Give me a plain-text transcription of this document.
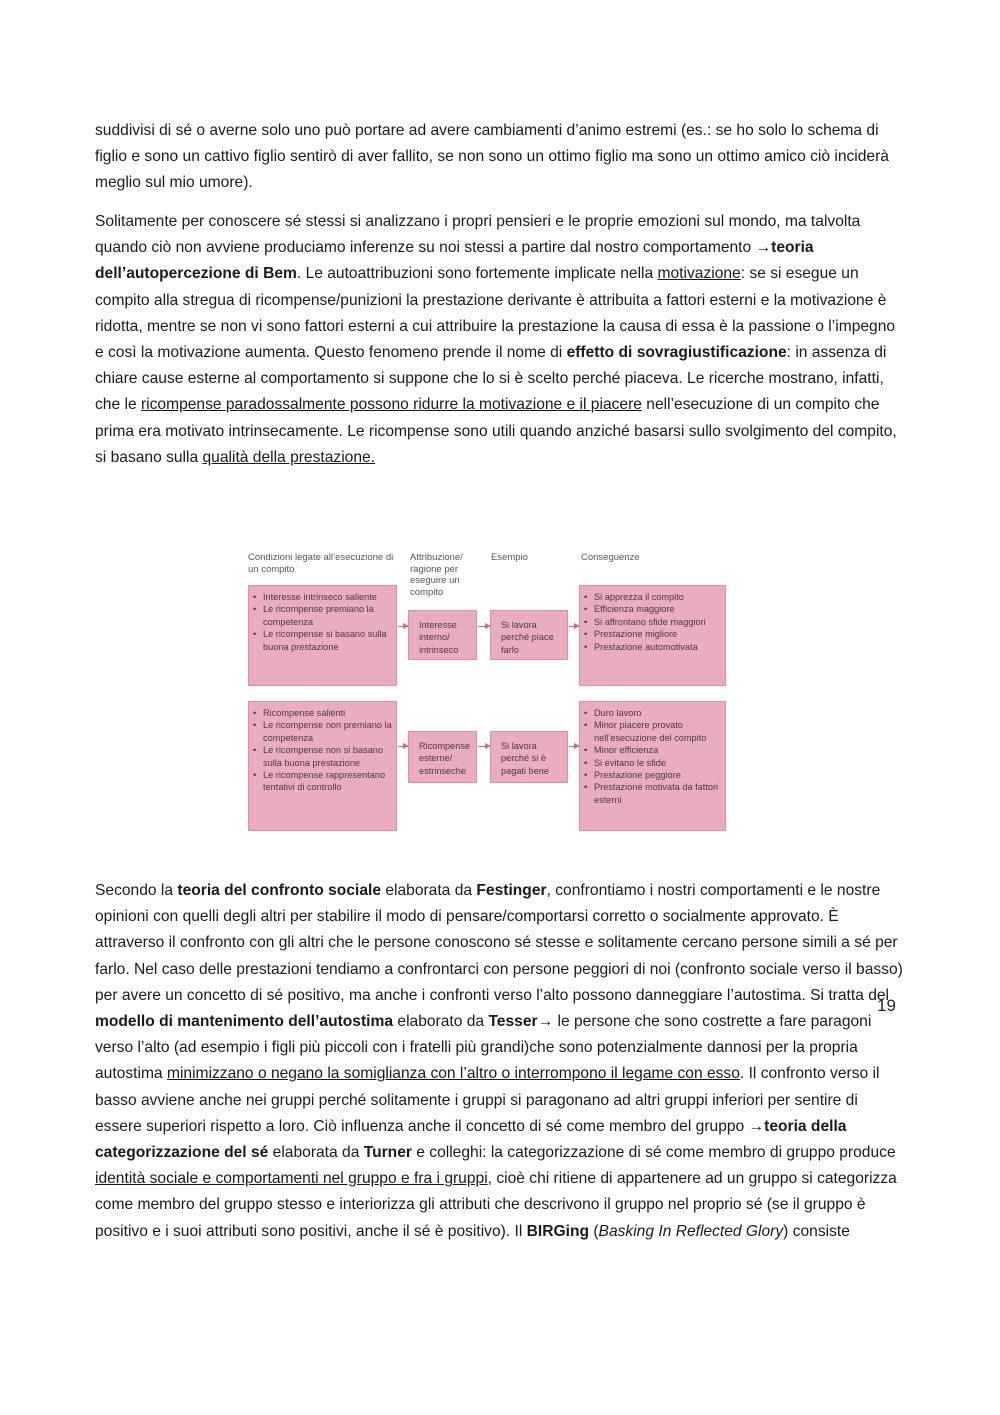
suddivisi di sé o averne solo uno può portare ad avere cambiamenti d’animo estremi (es.: se ho solo lo schema di figlio e sono un cattivo figlio sentirò di aver fallito, se non sono un ottimo figlio ma sono un ottimo amico ciò inciderà meglio sul mio umore).

Solitamente per conoscere sé stessi si analizzano i propri pensieri e le proprie emozioni sul mondo, ma talvolta quando ciò non avviene produciamo inferenze su noi stessi a partire dal nostro comportamento →teoria dell’autopercezione di Bem. Le autoattribuzioni sono fortemente implicate nella motivazione: se si esegue un compito alla stregua di ricompense/punizioni la prestazione derivante è attribuita a fattori esterni e la motivazione è ridotta, mentre se non vi sono fattori esterni a cui attribuire la prestazione la causa di essa è la passione o l’impegno e così la motivazione aumenta. Questo fenomeno prende il nome di effetto di sovragiustificazione: in assenza di chiare cause esterne al comportamento si suppone che lo si è scelto perché piaceva. Le ricerche mostrano, infatti, che le ricompense paradossalmente possono ridurre la motivazione e il piacere nell’esecuzione di un compito che prima era motivato intrinsecamente. Le ricompense sono utili quando anziché basarsi sullo svolgimento del compito, si basano sulla qualità della prestazione.

Condizioni legate all’esecuzione di un compito
Attribuzione/ ragione per eseguire un compito
Esempio	Conseguenze
• Interesse intrinseco saliente
• Le ricompense premiano la competenza
• Le ricompense si basano sulla buona prestazione
Interesse interno/ intrinseco
Si lavora perché piace farlo
• Si apprezza il compito
• Efficienza maggiore
• Si affrontano sfide maggiori
• Prestazione migliore
• Prestazione automotivata
• Ricompense salienti
• Le ricompense non premiano la competenza
• Le ricompense non si basano sulla buona prestazione
• Le ricompense rappresentano tentativi di controllo
Ricompense esterne/ estrinseche
Si lavora perché si è pagati bene
• Duro lavoro
• Minor piacere provato nell’esecuzione del compito
• Minor efficienza
• Si evitano le sfide
• Prestazione peggiore
• Prestazione motivata da fattori esterni

Secondo la teoria del confronto sociale elaborata da Festinger, confrontiamo i nostri comportamenti e le nostre opinioni con quelli degli altri per stabilire il modo di pensare/comportarsi corretto o socialmente approvato. È attraverso il confronto con gli altri che le persone conoscono sé stesse e solitamente cercano persone simili a sé per farlo. Nel caso delle prestazioni tendiamo a confrontarci con persone peggiori di noi (confronto sociale verso il basso) per avere un concetto di sé positivo, ma anche i confronti verso l’alto possono danneggiare l’autostima. Si tratta del modello di mantenimento dell’autostima elaborato da Tesser→ le persone che sono costrette a fare paragoni verso l’alto (ad esempio i figli più piccoli con i fratelli più grandi)che sono potenzialmente dannosi per la propria autostima minimizzano o negano la somiglianza con l’altro o interrompono il legame con esso. Il confronto verso il basso avviene anche nei gruppi perché solitamente i gruppi si paragonano ad altri gruppi inferiori per sentire di essere superiori rispetto a loro. Ciò influenza anche il concetto di sé come membro del gruppo →teoria della categorizzazione del sé elaborata da Turner e colleghi: la categorizzazione di sé come membro di gruppo produce identità sociale e comportamenti nel gruppo e fra i gruppi, cioè chi ritiene di appartenere ad un gruppo si categorizza come membro del gruppo stesso e interiorizza gli attributi che descrivono il gruppo nel proprio sé (se il gruppo è positivo e i suoi attributi sono positivi, anche il sé è positivo). Il BIRGing (Basking In Reflected Glory) consiste

19
